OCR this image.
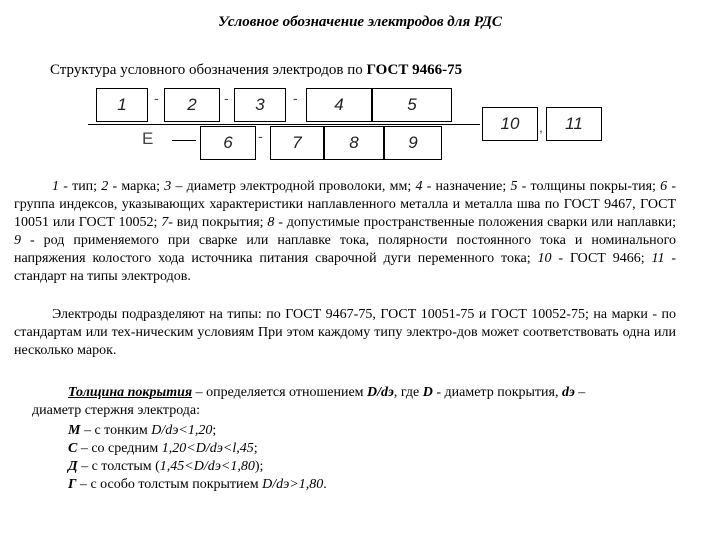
Условное обозначение электродов для РДС
Структура условного обозначения электродов по ГОСТ 9466-75
1	-	2	-	3	-	4	5
Е	6	-	7	8	9
10	,	11
1 - тип; 2 - марка; 3 – диаметр электродной проволоки, мм; 4 - назначение; 5 - толщины покры-тия; 6 - группа индексов, указывающих характеристики наплавленного металла и металла шва по ГОСТ 9467, ГОСТ 10051 или ГОСТ 10052; 7- вид покрытия; 8 - допустимые пространственные положения сварки или наплавки; 9 - род применяемого при сварке или наплавке тока, полярности постоянного тока и номинального напряжения колостого хода источника питания сварочной дуги переменного тока; 10 - ГОСТ 9466; 11 - стандарт на типы электродов.
Электроды подразделяют на типы: по ГОСТ 9467-75, ГОСТ 10051-75 и ГОСТ 10052-75; на марки - по стандартам или тех-ническим условиям При этом каждому типу электро-дов может соответствовать одна или несколько марок.
Толщина покрытия – определяется отношением D/dэ, где D - диаметр покрытия, dэ –
диаметр стержня электрода:
М – с тонким D/dэ<1,20;
С – со средним 1,20<D/dэ<l,45;
Д – с толстым (1,45<D/dэ<1,80);
Г – с особо толстым покрытием D/dэ>1,80.
